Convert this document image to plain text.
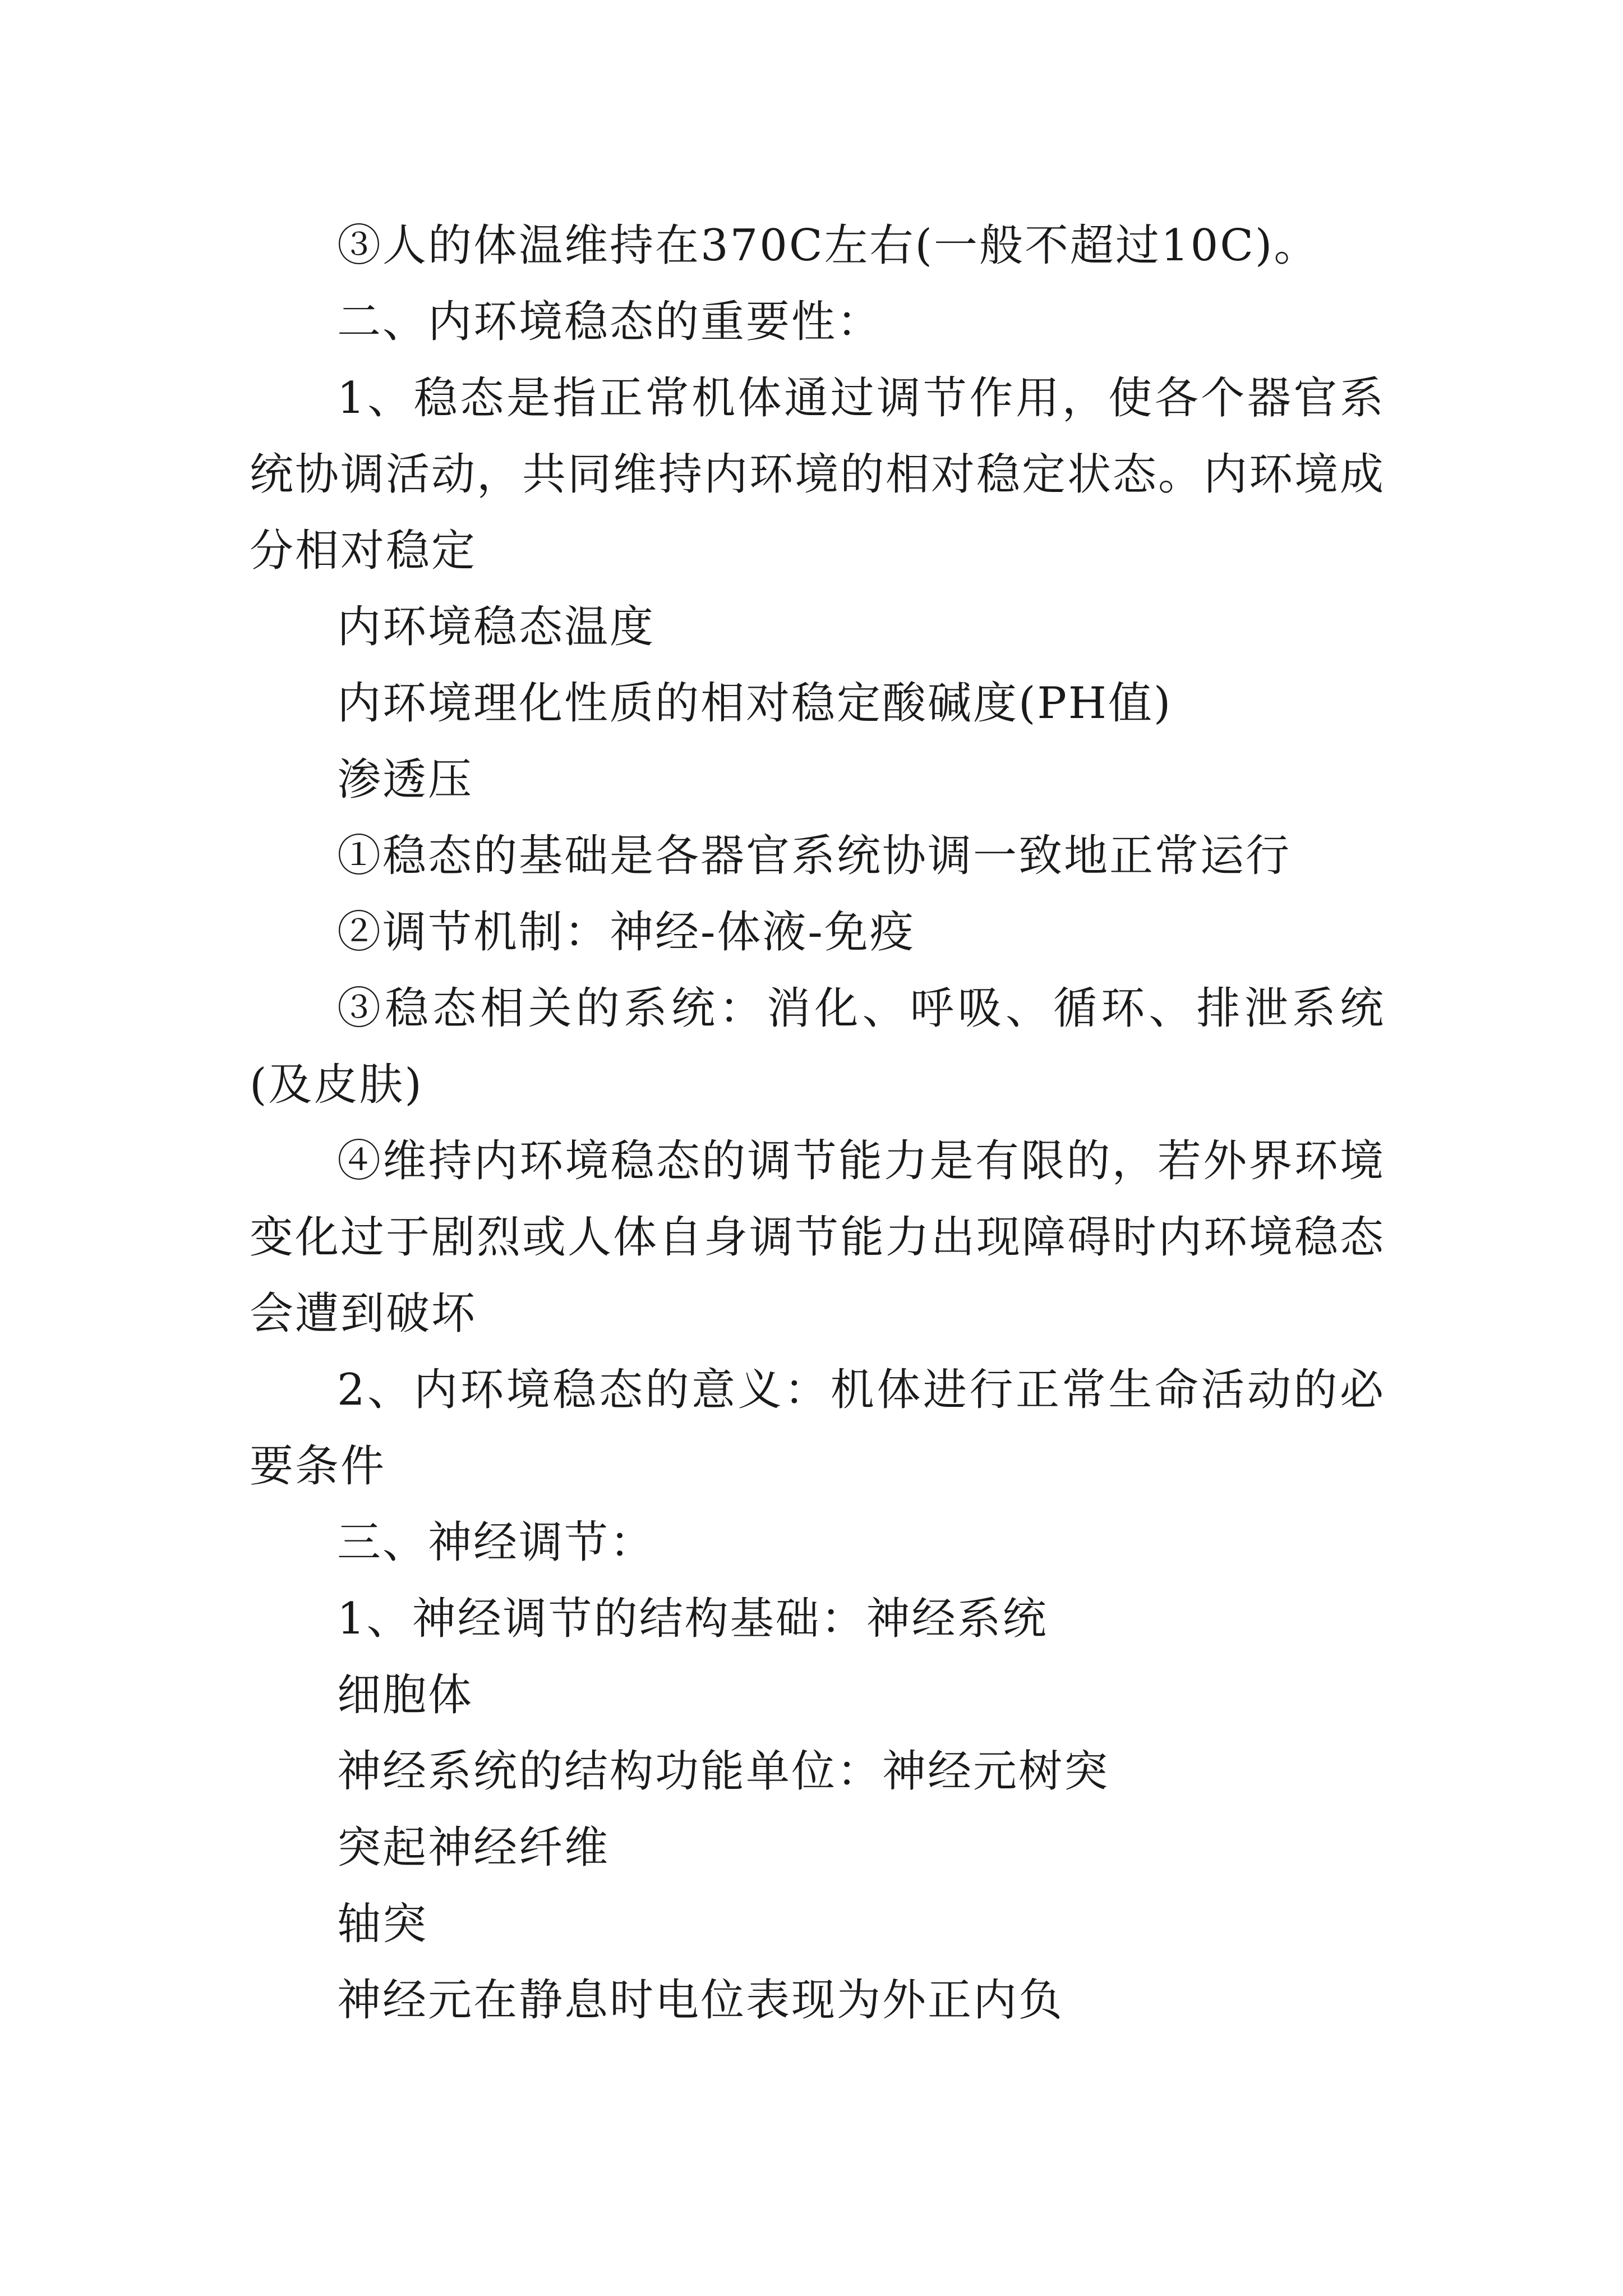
③人的体温维持在370C左右(一般不超过10C)。

二、内环境稳态的重要性：

1、稳态是指正常机体通过调节作用，使各个器官系统协调活动，共同维持内环境的相对稳定状态。内环境成分相对稳定

内环境稳态温度

内环境理化性质的相对稳定酸碱度(PH值)

渗透压

①稳态的基础是各器官系统协调一致地正常运行

②调节机制：神经-体液-免疫

③稳态相关的系统：消化、呼吸、循环、排泄系统(及皮肤)

④维持内环境稳态的调节能力是有限的，若外界环境变化过于剧烈或人体自身调节能力出现障碍时内环境稳态会遭到破坏

2、内环境稳态的意义：机体进行正常生命活动的必要条件

三、神经调节：

1、神经调节的结构基础：神经系统

细胞体

神经系统的结构功能单位：神经元树突

突起神经纤维

轴突

神经元在静息时电位表现为外正内负
